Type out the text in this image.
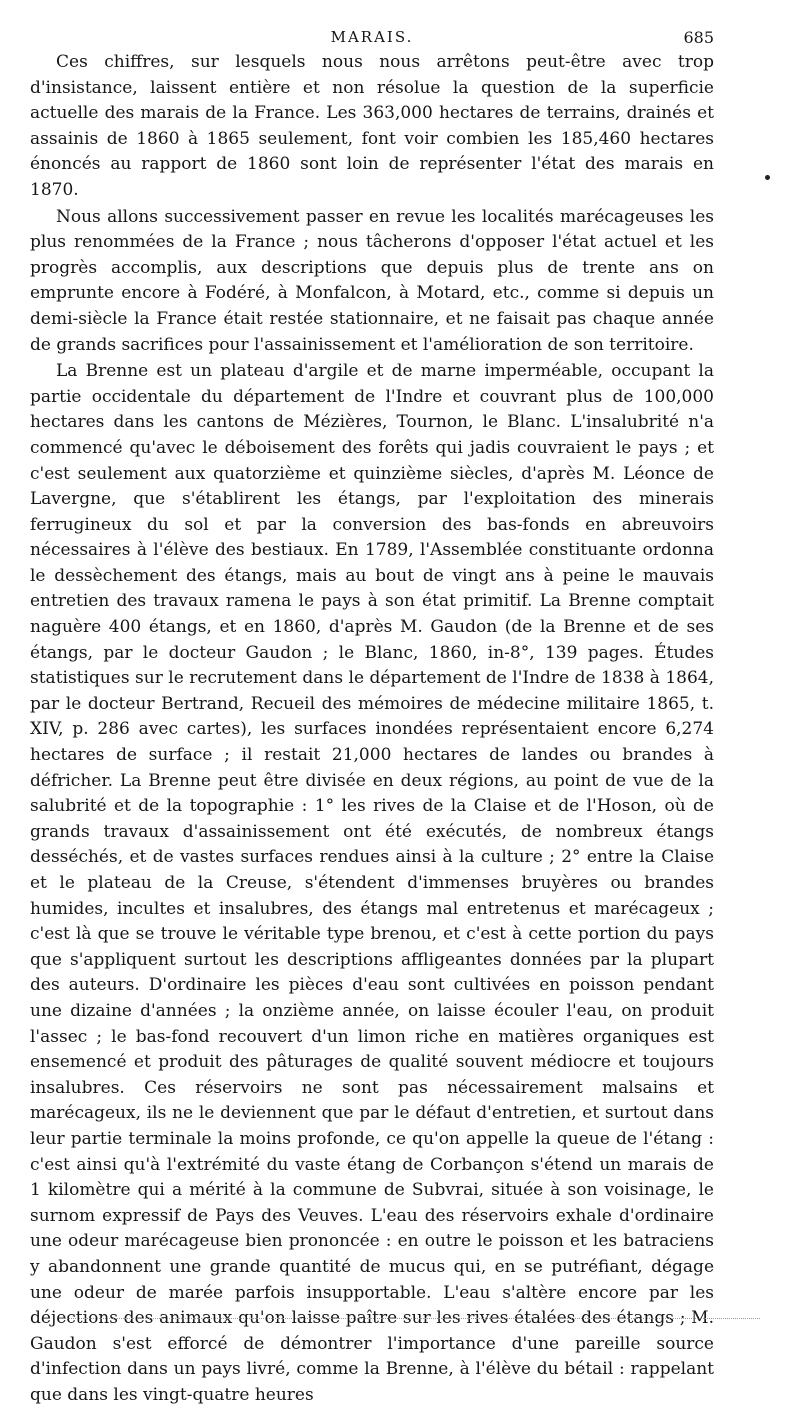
MARAIS.	685

Ces chiffres, sur lesquels nous nous arrêtons peut-être avec trop d'insistance, laissent entière et non résolue la question de la superficie actuelle des marais de la France. Les 363,000 hectares de terrains, drainés et assainis de 1860 à 1865 seulement, font voir combien les 185,460 hectares énoncés au rapport de 1860 sont loin de représenter l'état des marais en 1870.

Nous allons successivement passer en revue les localités marécageuses les plus renommées de la France ; nous tâcherons d'opposer l'état actuel et les progrès accomplis, aux descriptions que depuis plus de trente ans on emprunte encore à Fodéré, à Monfalcon, à Motard, etc., comme si depuis un demi-siècle la France était restée stationnaire, et ne faisait pas chaque année de grands sacrifices pour l'assainissement et l'amélioration de son territoire.

La Brenne est un plateau d'argile et de marne imperméable, occupant la partie occidentale du département de l'Indre et couvrant plus de 100,000 hectares dans les cantons de Mézières, Tournon, le Blanc. L'insalubrité n'a commencé qu'avec le déboisement des forêts qui jadis couvraient le pays ; et c'est seulement aux quatorzième et quinzième siècles, d'après M. Léonce de Lavergne, que s'établirent les étangs, par l'exploitation des minerais ferrugineux du sol et par la conversion des bas-fonds en abreuvoirs nécessaires à l'élève des bestiaux. En 1789, l'Assemblée constituante ordonna le dessèchement des étangs, mais au bout de vingt ans à peine le mauvais entretien des travaux ramena le pays à son état primitif. La Brenne comptait naguère 400 étangs, et en 1860, d'après M. Gaudon (de la Brenne et de ses étangs, par le docteur Gaudon ; le Blanc, 1860, in-8°, 139 pages. Études statistiques sur le recrutement dans le département de l'Indre de 1838 à 1864, par le docteur Bertrand, Recueil des mémoires de médecine militaire 1865, t. XIV, p. 286 avec cartes), les surfaces inondées représentaient encore 6,274 hectares de surface ; il restait 21,000 hectares de landes ou brandes à défricher. La Brenne peut être divisée en deux régions, au point de vue de la salubrité et de la topographie : 1° les rives de la Claise et de l'Hoson, où de grands travaux d'assainissement ont été exécutés, de nombreux étangs desséchés, et de vastes surfaces rendues ainsi à la culture ; 2° entre la Claise et le plateau de la Creuse, s'étendent d'immenses bruyères ou brandes humides, incultes et insalubres, des étangs mal entretenus et marécageux ; c'est là que se trouve le véritable type brenou, et c'est à cette portion du pays que s'appliquent surtout les descriptions affligeantes données par la plupart des auteurs. D'ordinaire les pièces d'eau sont cultivées en poisson pendant une dizaine d'années ; la onzième année, on laisse écouler l'eau, on produit l'assec ; le bas-fond recouvert d'un limon riche en matières organiques est ensemencé et produit des pâturages de qualité souvent médiocre et toujours insalubres. Ces réservoirs ne sont pas nécessairement malsains et marécageux, ils ne le deviennent que par le défaut d'entretien, et surtout dans leur partie terminale la moins profonde, ce qu'on appelle la queue de l'étang : c'est ainsi qu'à l'extrémité du vaste étang de Corbançon s'étend un marais de 1 kilomètre qui a mérité à la commune de Subvrai, située à son voisinage, le surnom expressif de Pays des Veuves. L'eau des réservoirs exhale d'ordinaire une odeur marécageuse bien prononcée : en outre le poisson et les batraciens y abandonnent une grande quantité de mucus qui, en se putréfiant, dégage une odeur de marée parfois insupportable. L'eau s'altère encore par les déjections des animaux qu'on laisse paître sur les rives étalées des étangs ; M. Gaudon s'est efforcé de démontrer l'importance d'une pareille source d'infection dans un pays livré, comme la Brenne, à l'élève du bétail : rappelant que dans les vingt-quatre heures
